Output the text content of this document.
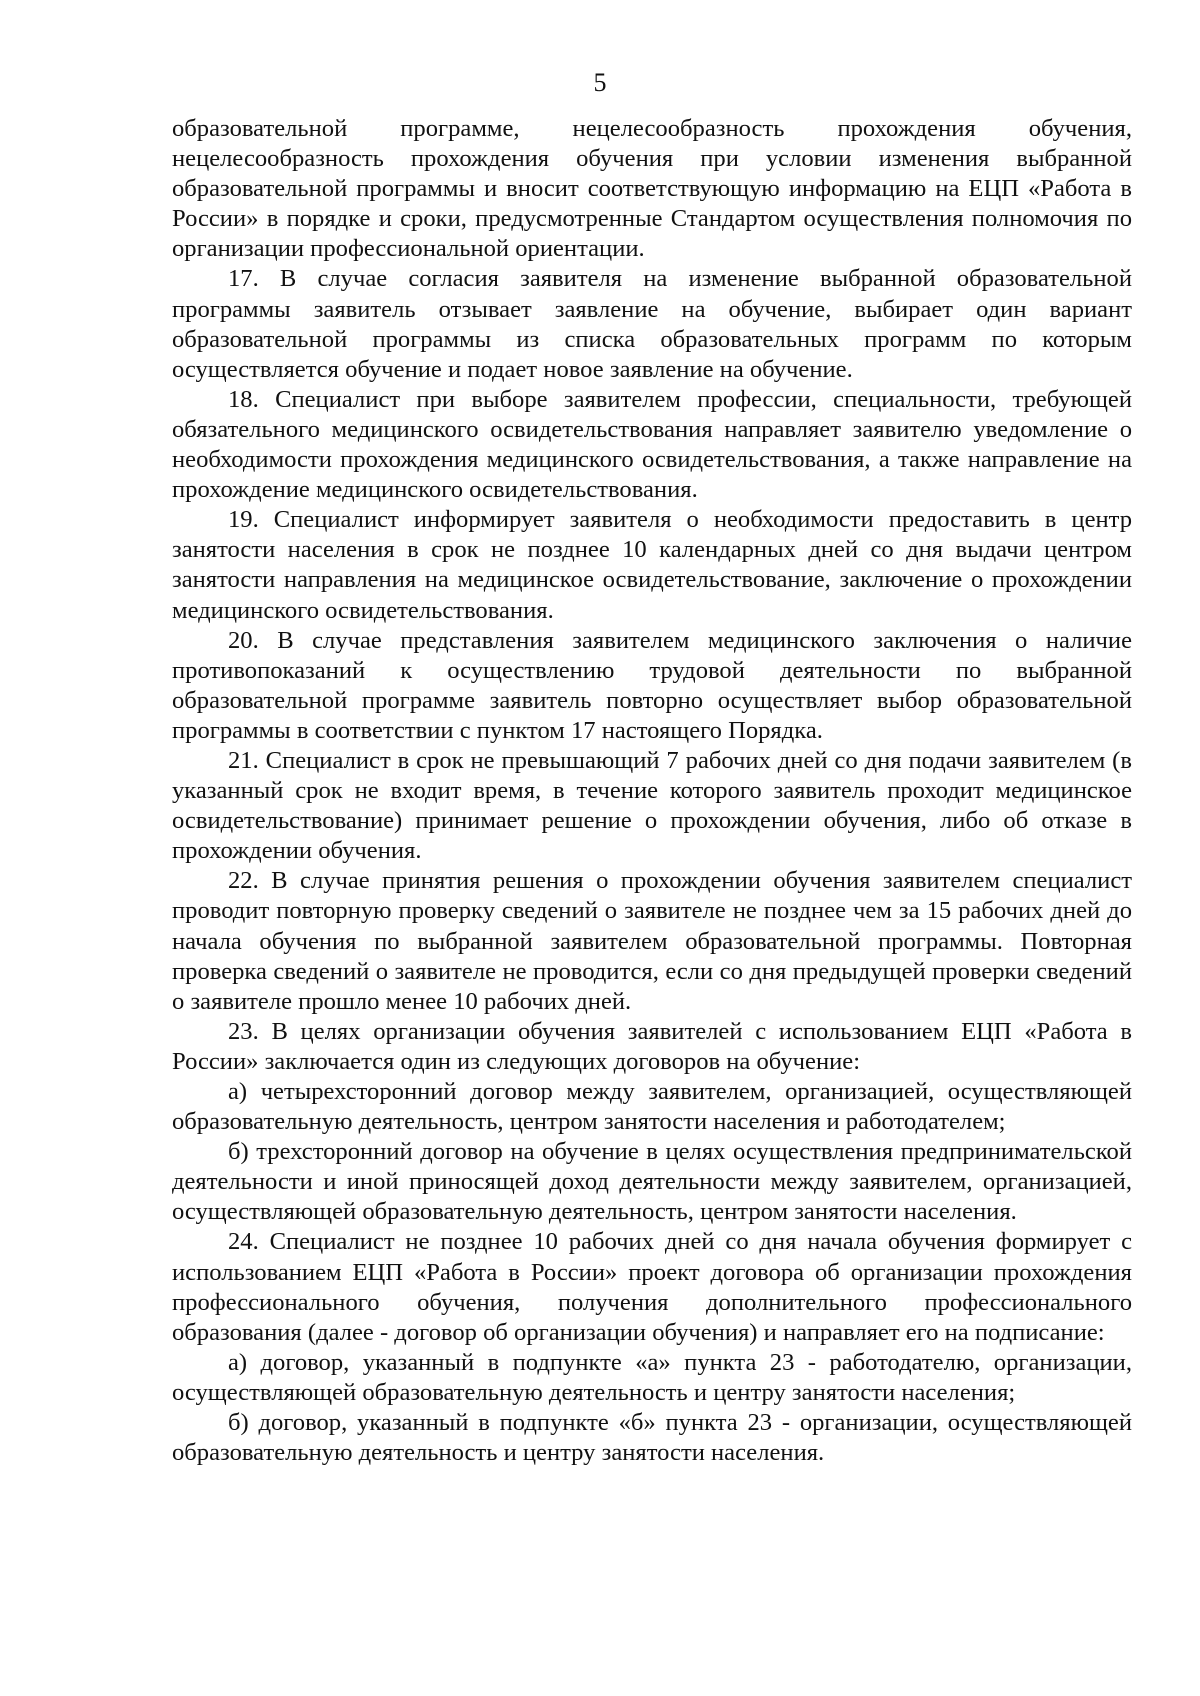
5

образовательной программе, нецелесообразность прохождения обучения, нецелесообразность прохождения обучения при условии изменения выбранной образовательной программы и вносит соответствующую информацию на ЕЦП «Работа в России» в порядке и сроки, предусмотренные Стандартом осуществления полномочия по организации профессиональной ориентации.

17. В случае согласия заявителя на изменение выбранной образовательной программы заявитель отзывает заявление на обучение, выбирает один вариант образовательной программы из списка образовательных программ по которым осуществляется обучение и подает новое заявление на обучение.

18. Специалист при выборе заявителем профессии, специальности, требующей обязательного медицинского освидетельствования направляет заявителю уведомление о необходимости прохождения медицинского освидетельствования, а также направление на прохождение медицинского освидетельствования.

19. Специалист информирует заявителя о необходимости предоставить в центр занятости населения в срок не позднее 10 календарных дней со дня выдачи центром занятости направления на медицинское освидетельствование, заключение о прохождении медицинского освидетельствования.

20. В случае представления заявителем медицинского заключения о наличие противопоказаний к осуществлению трудовой деятельности по выбранной образовательной программе заявитель повторно осуществляет выбор образовательной программы в соответствии с пунктом 17 настоящего Порядка.

21. Специалист в срок не превышающий 7 рабочих дней со дня подачи заявителем (в указанный срок не входит время, в течение которого заявитель проходит медицинское освидетельствование) принимает решение о прохождении обучения, либо об отказе в прохождении обучения.

22. В случае принятия решения о прохождении обучения заявителем специалист проводит повторную проверку сведений о заявителе не позднее чем за 15 рабочих дней до начала обучения по выбранной заявителем образовательной программы. Повторная проверка сведений о заявителе не проводится, если со дня предыдущей проверки сведений о заявителе прошло менее 10 рабочих дней.

23. В целях организации обучения заявителей с использованием ЕЦП «Работа в России» заключается один из следующих договоров на обучение:

а) четырехсторонний договор между заявителем, организацией, осуществляющей образовательную деятельность, центром занятости населения и работодателем;

б) трехсторонний договор на обучение в целях осуществления предпринимательской деятельности и иной приносящей доход деятельности между заявителем, организацией, осуществляющей образовательную деятельность, центром занятости населения.

24. Специалист не позднее 10 рабочих дней со дня начала обучения формирует с использованием ЕЦП «Работа в России» проект договора об организации прохождения профессионального обучения, получения дополнительного профессионального образования (далее - договор об организации обучения) и направляет его на подписание:

а) договор, указанный в подпункте «а» пункта 23 - работодателю, организации, осуществляющей образовательную деятельность и центру занятости населения;

б) договор, указанный в подпункте «б» пункта 23 - организации, осуществляющей образовательную деятельность и центру занятости населения.
